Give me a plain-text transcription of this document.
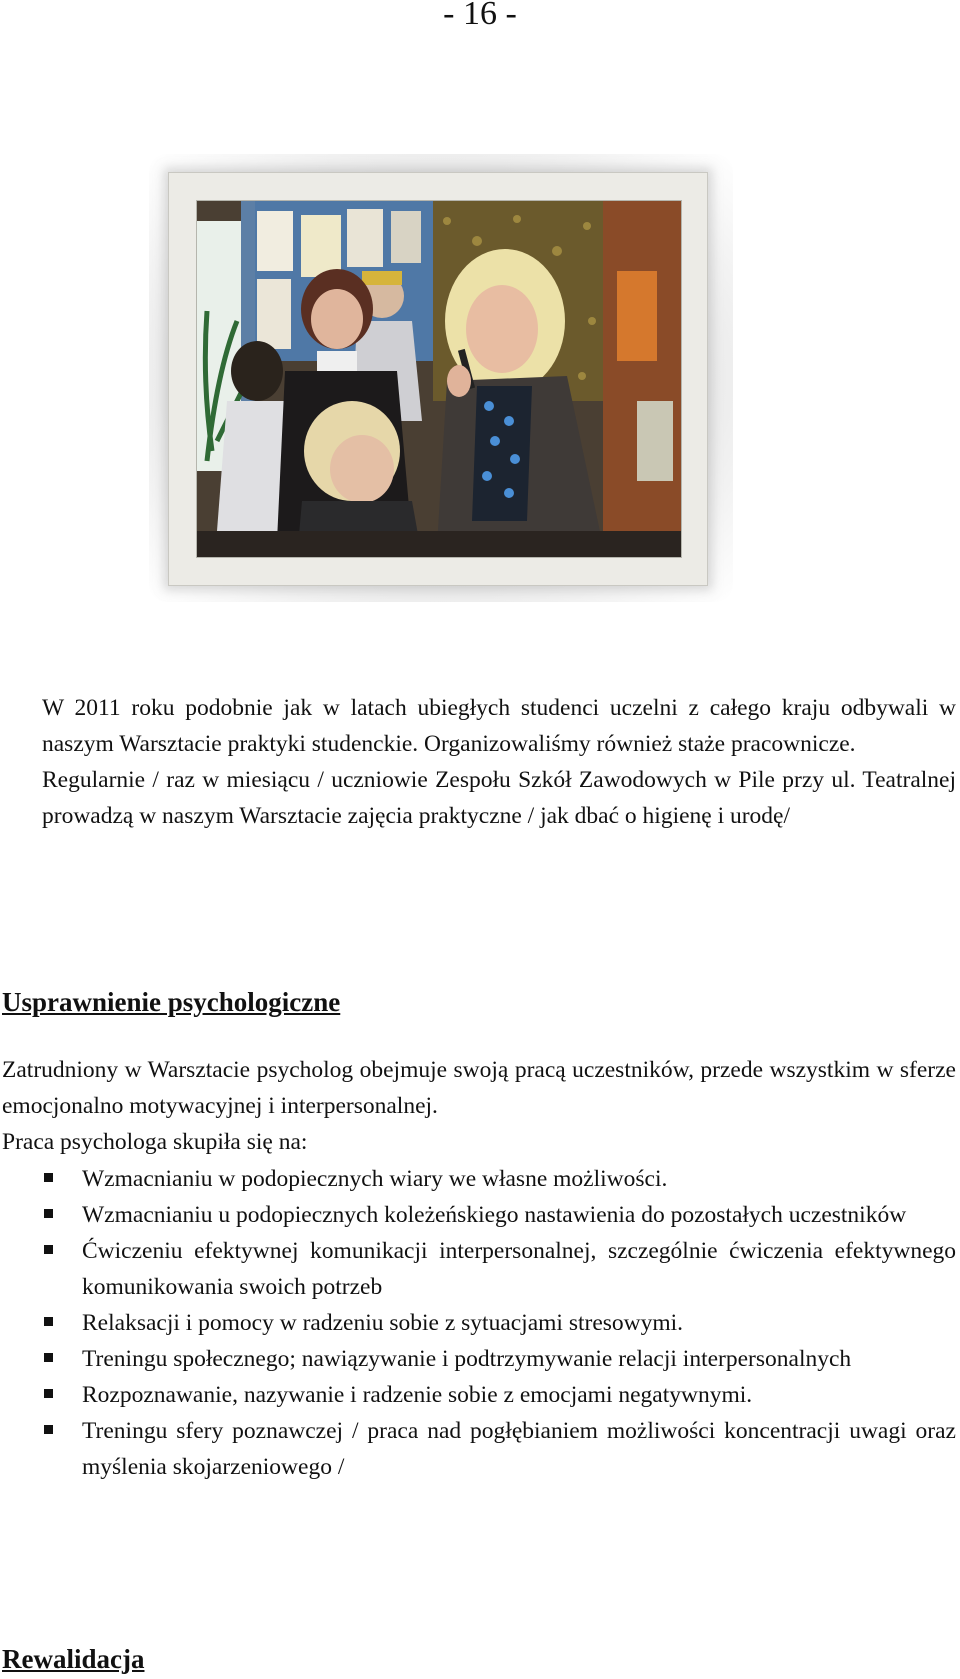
- 16 -

W 2011 roku podobnie jak w latach ubiegłych studenci uczelni z całego kraju odbywali w naszym Warsztacie praktyki studenckie. Organizowaliśmy również staże pracownicze.

Regularnie / raz w miesiącu / uczniowie Zespołu Szkół Zawodowych w Pile przy ul. Teatralnej prowadzą w naszym Warsztacie zajęcia praktyczne / jak dbać o higienę i urodę/

Usprawnienie psychologiczne

Zatrudniony w Warsztacie psycholog obejmuje swoją pracą uczestników, przede wszystkim w sferze emocjonalno motywacyjnej i interpersonalnej.

Praca psychologa skupiła się na:

Wzmacnianiu w podopiecznych wiary we własne możliwości.
Wzmacnianiu u podopiecznych koleżeńskiego nastawienia do pozostałych uczestników
Ćwiczeniu efektywnej komunikacji interpersonalnej, szczególnie ćwiczenia efektywnego komunikowania swoich potrzeb
Relaksacji i pomocy w radzeniu sobie z sytuacjami stresowymi.
Treningu społecznego; nawiązywanie i podtrzymywanie relacji interpersonalnych
Rozpoznawanie, nazywanie i radzenie sobie z emocjami negatywnymi.
Treningu sfery poznawczej / praca nad pogłębianiem możliwości koncentracji uwagi oraz myślenia skojarzeniowego /
Rewalidacja
